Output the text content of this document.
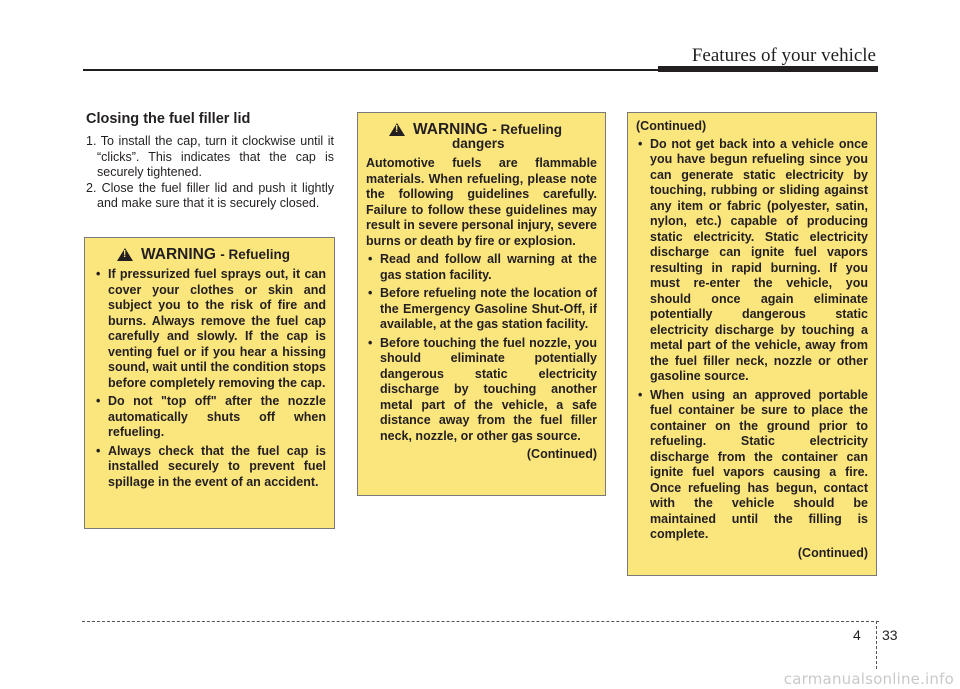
Features of your vehicle
Closing the fuel filler lid
1. To install the cap, turn it clockwise until it “clicks”. This indicates that the cap is securely tightened.
2. Close the fuel filler lid and push it lightly and make sure that it is securely closed.
!
WARNING - Refueling
• If pressurized fuel sprays out, it can cover your clothes or skin and subject you to the risk of fire and burns. Always remove the fuel cap carefully and slowly. If the cap is venting fuel or if you hear a hissing sound, wait until the condition stops before completely removing the cap.
• Do not "top off" after the nozzle automatically shuts off when refueling.
• Always check that the fuel cap is installed securely to prevent fuel spillage in the event of an accident.
!
WARNING - Refueling
dangers

Automotive fuels are flammable materials. When refueling, please note the following guidelines carefully. Failure to follow these guidelines may result in severe personal injury, severe burns or death by fire or explosion.

• Read and follow all warning at the gas station facility.
• Before refueling note the location of the Emergency Gasoline Shut-Off, if available, at the gas station facility.
• Before touching the fuel nozzle, you should eliminate potentially dangerous static electricity discharge by touching another metal part of the vehicle, a safe distance away from the fuel filler neck, nozzle, or other gas source.
(Continued)

(Continued)

• Do not get back into a vehicle once you have begun refueling since you can generate static electricity by touching, rubbing or sliding against any item or fabric (polyester, satin, nylon, etc.) capable of producing static electricity. Static electricity discharge can ignite fuel vapors resulting in rapid burning. If you must re-enter the vehicle, you should once again eliminate potentially dangerous static electricity discharge by touching a metal part of the vehicle, away from the fuel filler neck, nozzle or other gasoline source.
• When using an approved portable fuel container be sure to place the container on the ground prior to refueling. Static electricity discharge from the container can ignite fuel vapors causing a fire. Once refueling has begun, contact with the vehicle should be maintained until the filling is complete.
(Continued)
4 33
carmanualsonline.info
